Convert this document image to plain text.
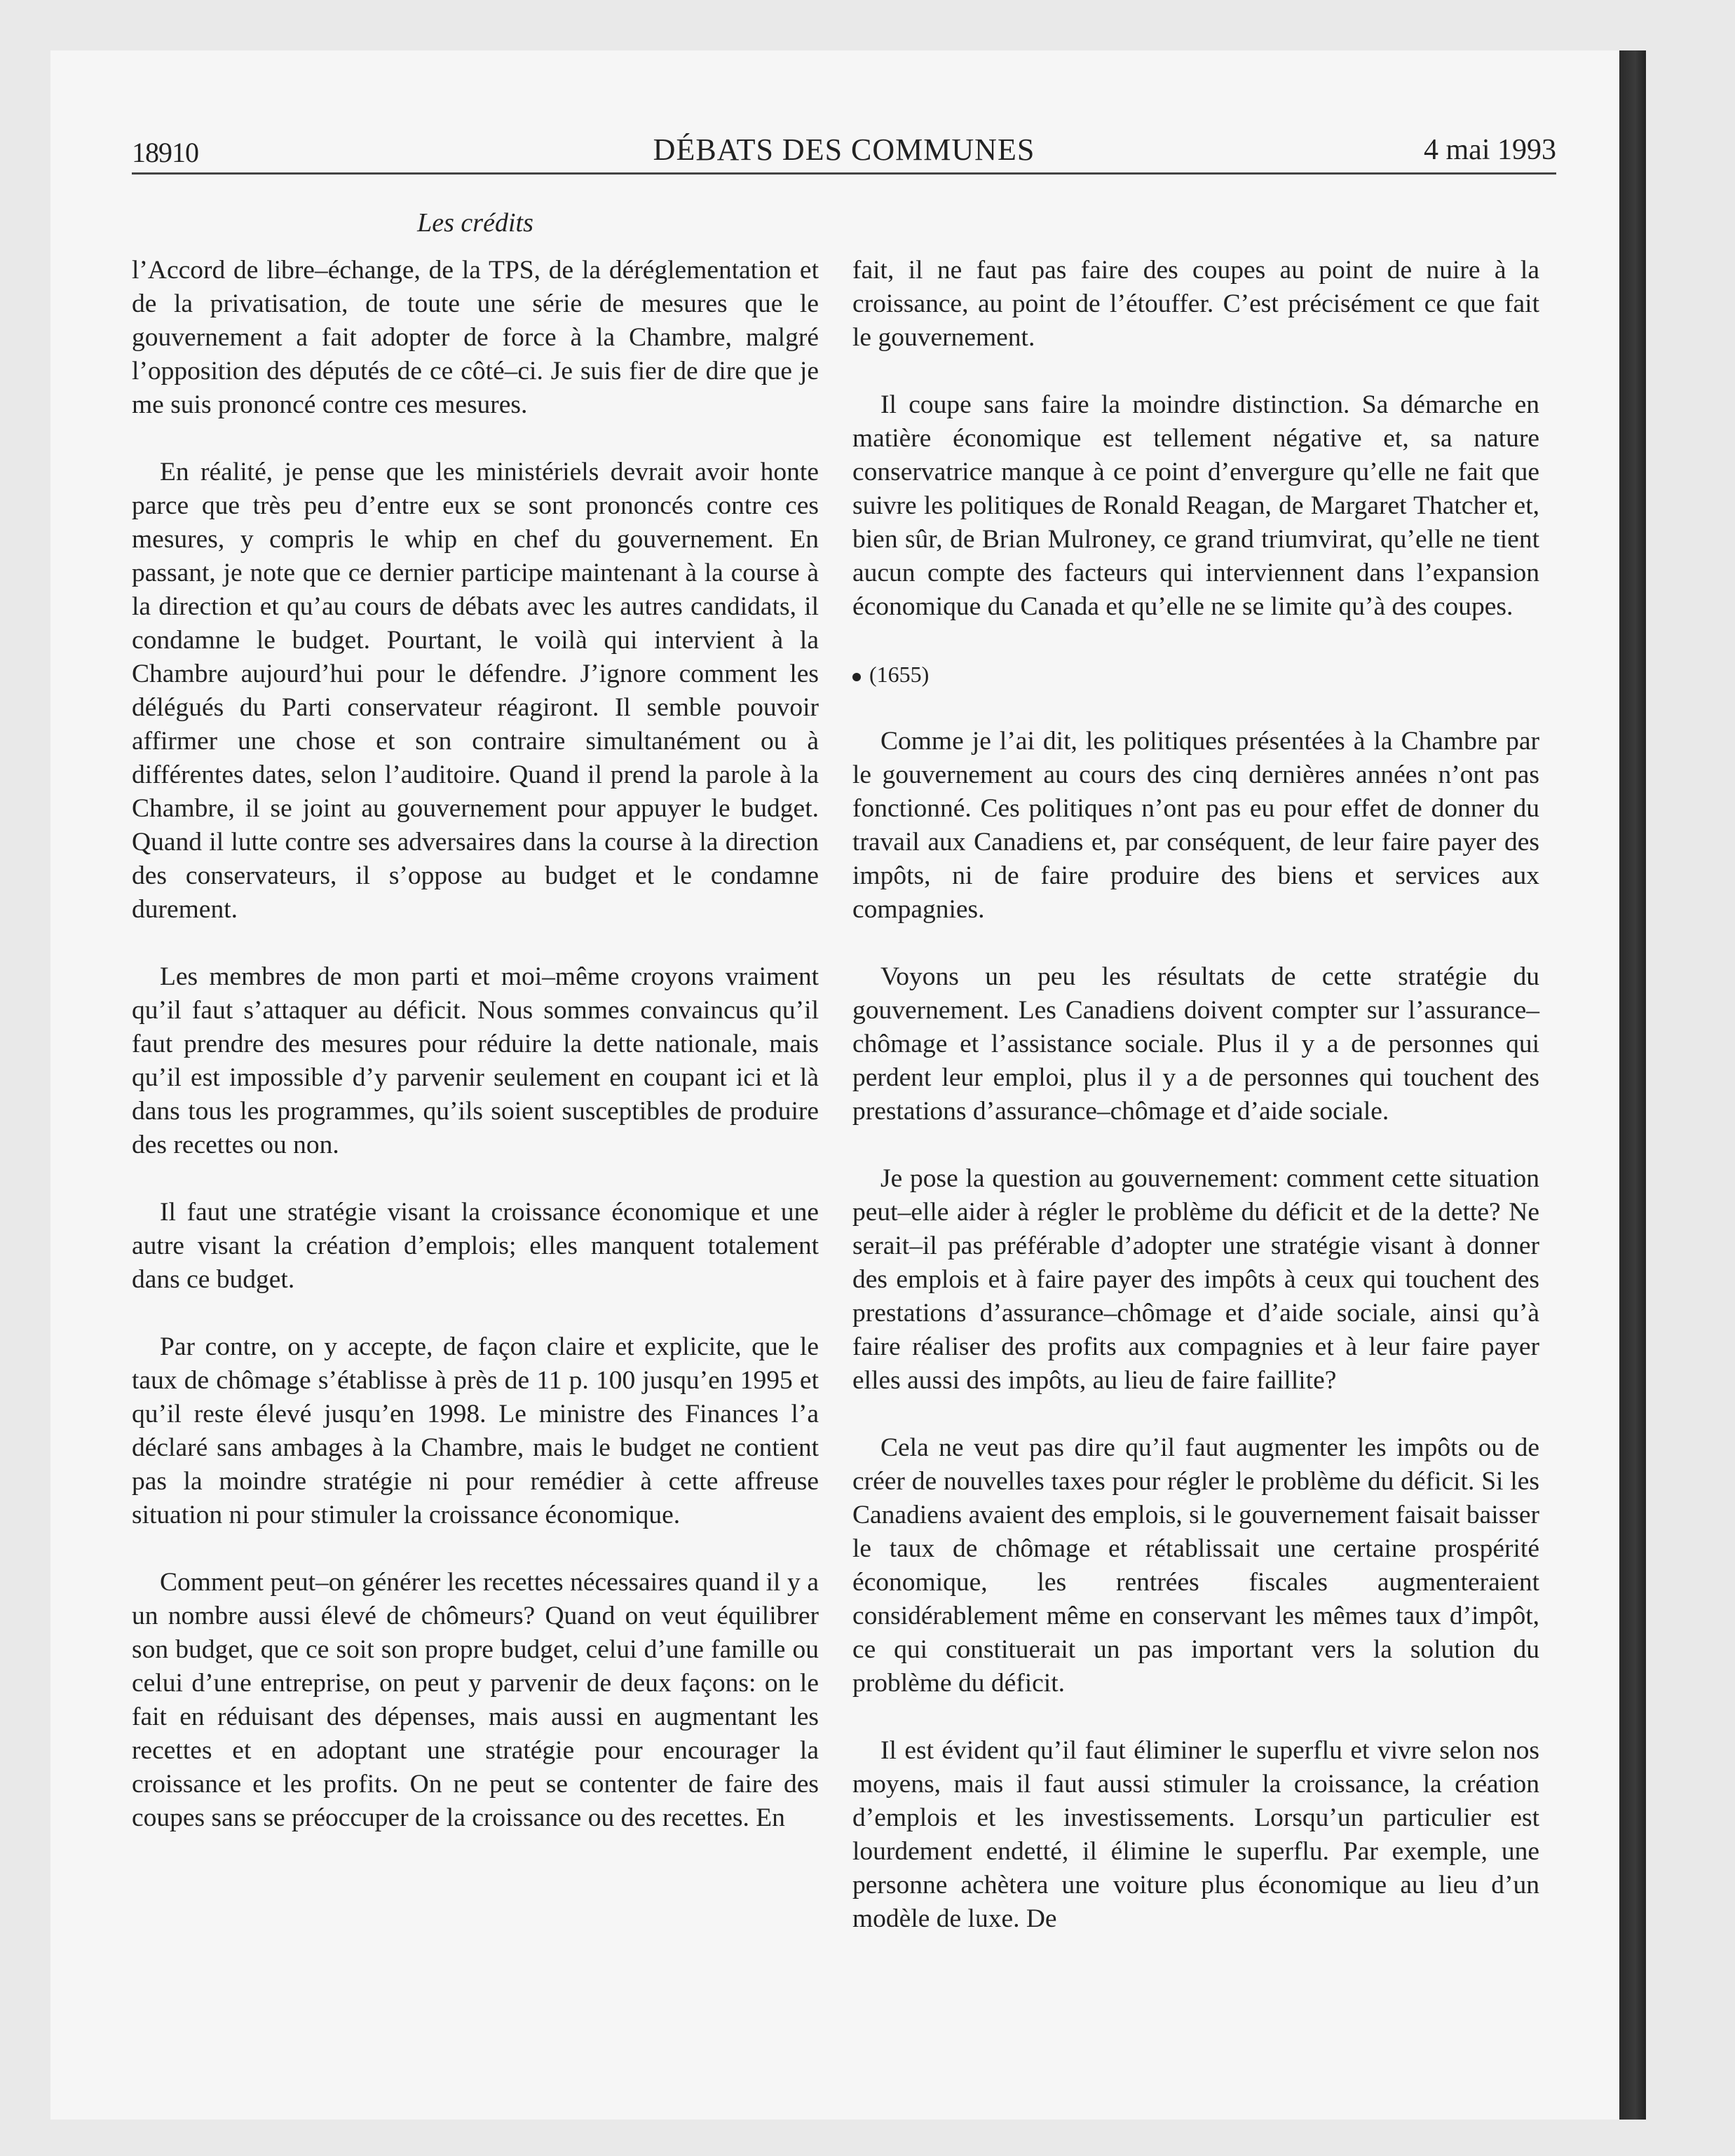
18910	DÉBATS DES COMMUNES	4 mai 1993
Les crédits

l’Accord de libre–échange, de la TPS, de la déréglementation et de la privatisation, de toute une série de mesures que le gouvernement a fait adopter de force à la Chambre, malgré l’opposition des députés de ce côté–ci. Je suis fier de dire que je me suis prononcé contre ces mesures.

En réalité, je pense que les ministériels devrait avoir honte parce que très peu d’entre eux se sont prononcés contre ces mesures, y compris le whip en chef du gouvernement. En passant, je note que ce dernier participe maintenant à la course à la direction et qu’au cours de débats avec les autres candidats, il condamne le budget. Pourtant, le voilà qui intervient à la Chambre aujourd’hui pour le défendre. J’ignore comment les délégués du Parti conservateur réagiront. Il semble pouvoir affirmer une chose et son contraire simultanément ou à différentes dates, selon l’auditoire. Quand il prend la parole à la Chambre, il se joint au gouvernement pour appuyer le budget. Quand il lutte contre ses adversaires dans la course à la direction des conservateurs, il s’oppose au budget et le condamne durement.

Les membres de mon parti et moi–même croyons vraiment qu’il faut s’attaquer au déficit. Nous sommes convaincus qu’il faut prendre des mesures pour réduire la dette nationale, mais qu’il est impossible d’y parvenir seulement en coupant ici et là dans tous les programmes, qu’ils soient susceptibles de produire des recettes ou non.

Il faut une stratégie visant la croissance économique et une autre visant la création d’emplois; elles manquent totalement dans ce budget.

Par contre, on y accepte, de façon claire et explicite, que le taux de chômage s’établisse à près de 11 p. 100 jusqu’en 1995 et qu’il reste élevé jusqu’en 1998. Le ministre des Finances l’a déclaré sans ambages à la Chambre, mais le budget ne contient pas la moindre stratégie ni pour remédier à cette affreuse situation ni pour stimuler la croissance économique.

Comment peut–on générer les recettes nécessaires quand il y a un nombre aussi élevé de chômeurs? Quand on veut équilibrer son budget, que ce soit son propre budget, celui d’une famille ou celui d’une entreprise, on peut y parvenir de deux façons: on le fait en réduisant des dépenses, mais aussi en augmentant les recettes et en adoptant une stratégie pour encourager la croissance et les profits. On ne peut se contenter de faire des coupes sans se préoccuper de la croissance ou des recettes. En

fait, il ne faut pas faire des coupes au point de nuire à la croissance, au point de l’étouffer. C’est précisément ce que fait le gouvernement.

Il coupe sans faire la moindre distinction. Sa démarche en matière économique est tellement négative et, sa nature conservatrice manque à ce point d’envergure qu’elle ne fait que suivre les politiques de Ronald Reagan, de Margaret Thatcher et, bien sûr, de Brian Mulroney, ce grand triumvirat, qu’elle ne tient aucun compte des facteurs qui interviennent dans l’expansion économique du Canada et qu’elle ne se limite qu’à des coupes.

(1655)

Comme je l’ai dit, les politiques présentées à la Chambre par le gouvernement au cours des cinq dernières années n’ont pas fonctionné. Ces politiques n’ont pas eu pour effet de donner du travail aux Canadiens et, par conséquent, de leur faire payer des impôts, ni de faire produire des biens et services aux compagnies.

Voyons un peu les résultats de cette stratégie du gouvernement. Les Canadiens doivent compter sur l’assurance–chômage et l’assistance sociale. Plus il y a de personnes qui perdent leur emploi, plus il y a de personnes qui touchent des prestations d’assurance–chômage et d’aide sociale.

Je pose la question au gouvernement: comment cette situation peut–elle aider à régler le problème du déficit et de la dette? Ne serait–il pas préférable d’adopter une stratégie visant à donner des emplois et à faire payer des impôts à ceux qui touchent des prestations d’assurance–chômage et d’aide sociale, ainsi qu’à faire réaliser des profits aux compagnies et à leur faire payer elles aussi des impôts, au lieu de faire faillite?

Cela ne veut pas dire qu’il faut augmenter les impôts ou de créer de nouvelles taxes pour régler le problème du déficit. Si les Canadiens avaient des emplois, si le gouvernement faisait baisser le taux de chômage et rétablissait une certaine prospérité économique, les rentrées fiscales augmenteraient considérablement même en conservant les mêmes taux d’impôt, ce qui constituerait un pas important vers la solution du problème du déficit.

Il est évident qu’il faut éliminer le superflu et vivre selon nos moyens, mais il faut aussi stimuler la croissance, la création d’emplois et les investissements. Lorsqu’un particulier est lourdement endetté, il élimine le superflu. Par exemple, une personne achètera une voiture plus économique au lieu d’un modèle de luxe. De
